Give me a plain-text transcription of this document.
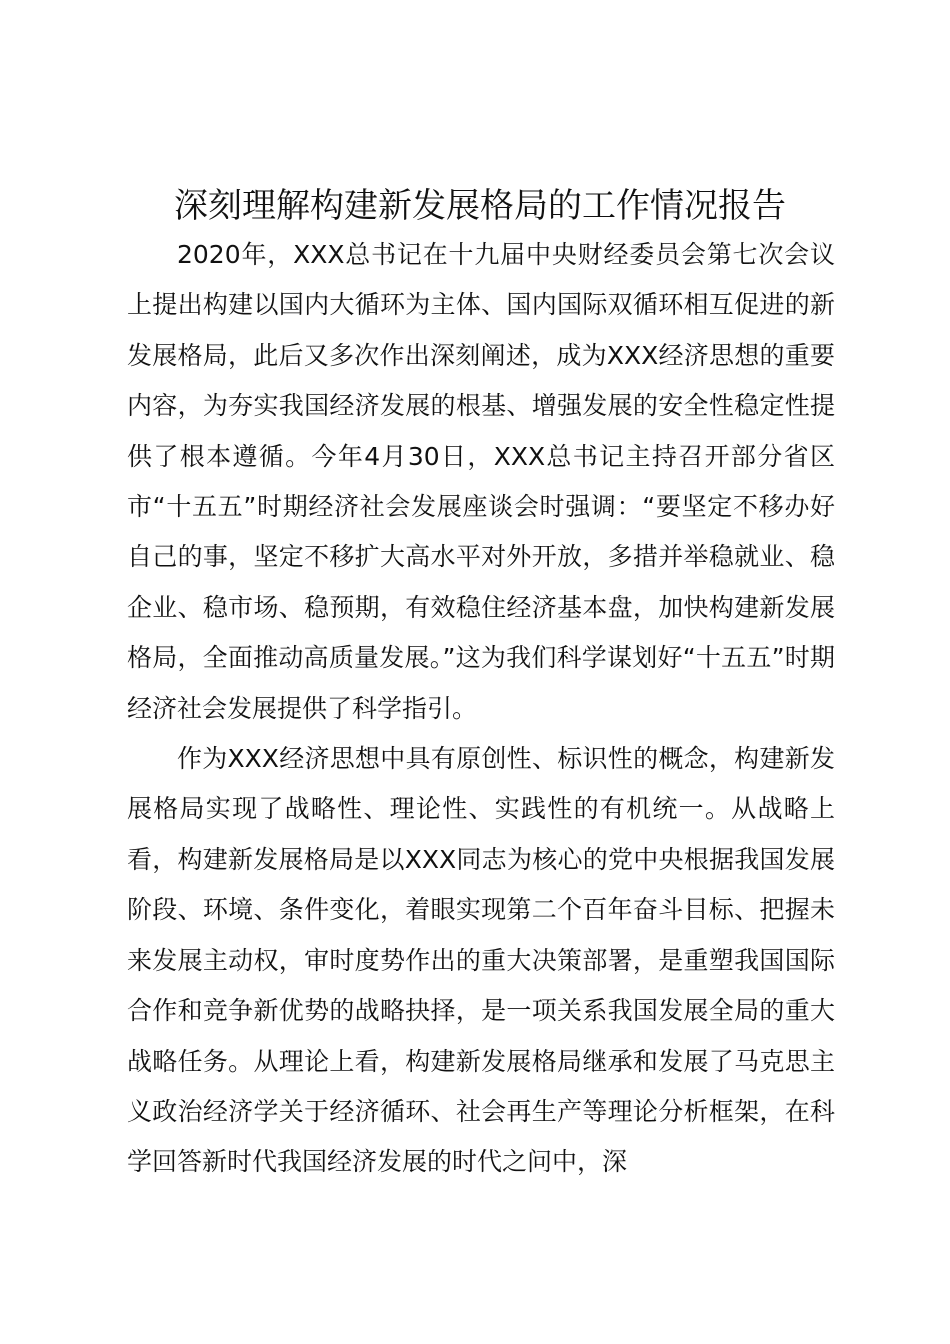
深刻理解构建新发展格局的工作情况报告

2020年，XXX总书记在十九届中央财经委员会第七次会议上提出构建以国内大循环为主体、国内国际双循环相互促进的新发展格局，此后又多次作出深刻阐述，成为XXX经济思想的重要内容，为夯实我国经济发展的根基、增强发展的安全性稳定性提供了根本遵循。今年4月30日，XXX总书记主持召开部分省区市“十五五”时期经济社会发展座谈会时强调：“要坚定不移办好自己的事，坚定不移扩大高水平对外开放，多措并举稳就业、稳企业、稳市场、稳预期，有效稳住经济基本盘，加快构建新发展格局，全面推动高质量发展。”这为我们科学谋划好“十五五”时期经济社会发展提供了科学指引。

作为XXX经济思想中具有原创性、标识性的概念，构建新发展格局实现了战略性、理论性、实践性的有机统一。从战略上看，构建新发展格局是以XXX同志为核心的党中央根据我国发展阶段、环境、条件变化，着眼实现第二个百年奋斗目标、把握未来发展主动权，审时度势作出的重大决策部署，是重塑我国国际合作和竞争新优势的战略抉择，是一项关系我国发展全局的重大战略任务。从理论上看，构建新发展格局继承和发展了马克思主义政治经济学关于经济循环、社会再生产等理论分析框架，在科学回答新时代我国经济发展的时代之问中，深
